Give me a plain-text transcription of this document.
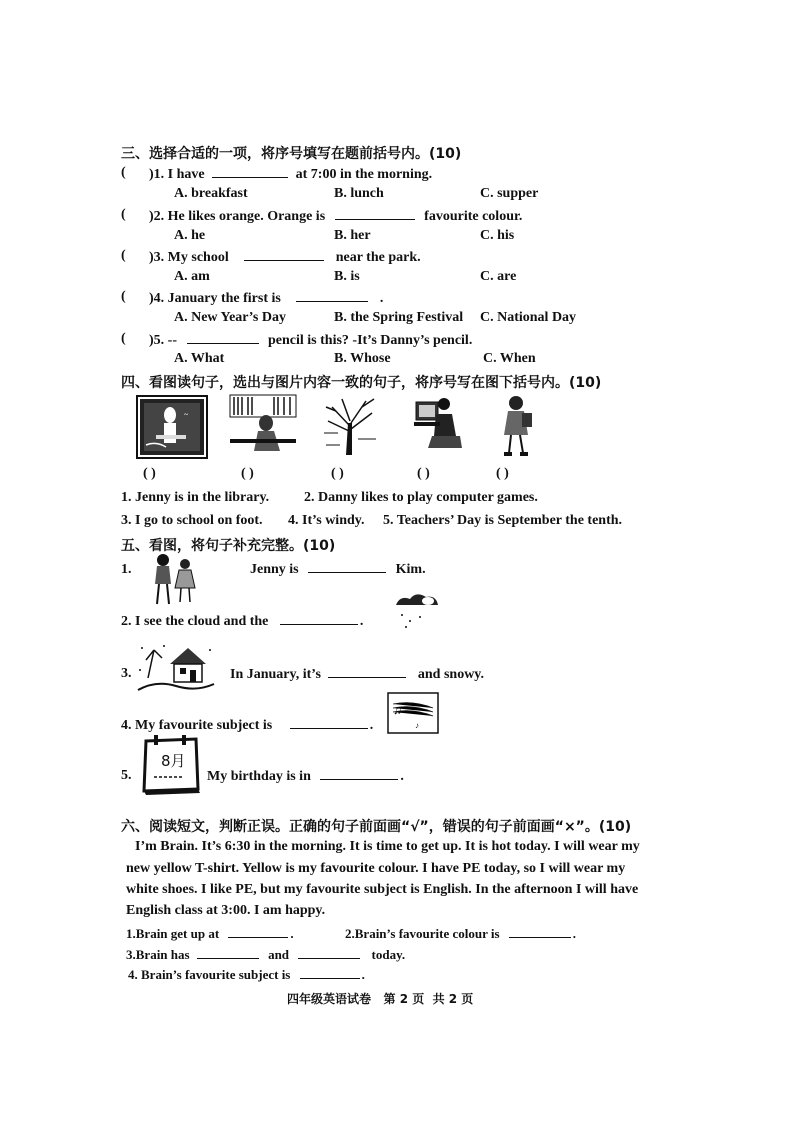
三、选择合适的一项，将序号填写在题前括号内。(10)
( )1. I have	at 7:00 in the morning.
A. breakfast	B. lunch	C. supper
( )2. He likes orange. Orange is	favourite colour.
A. he	B. her	C. his
( )3. My school	near the park.
A. am	B. is	C. are
( )4. January the first is	.
A. New Year’s Day	B. the Spring Festival C. National Day
( )5. --	pencil is this? -It’s Danny’s pencil.
A. What	B. Whose	C. When
四、看图读句子，选出与图片内容一致的句子，将序号写在图下括号内。(10)
~
( )	( )	( )	( )	( )
1. Jenny is in the library. 2. Danny likes to play computer games.
3. I go to school on foot. 4. It’s windy. 5. Teachers’ Day is September the tenth.
五、看图，将句子补充完整。(10)
1.	Jenny is	Kim.
2. I see the cloud and the	.
3.	In January, it’s	and snowy.
4. My favourite subject is	.
♫
♪
5.
8月
My birthday is in	.
六、阅读短文，判断正误。正确的句子前面画“√”，错误的句子前面画“×”。(10)
I’m Brain. It’s 6:30 in the morning. It is time to get up. It is hot today. I will wear my
new yellow T-shirt. Yellow is my favourite colour. I have PE today, so I will wear my
white shoes. I like PE, but my favourite subject is English. In the afternoon I will have
English class at 3:00. I am happy.
1.Brain get up at	.	2.Brain’s favourite colour is	.
3.Brain has	and	today.
4. Brain’s favourite subject is	.
四年级英语试卷   第 2 页  共 2 页
